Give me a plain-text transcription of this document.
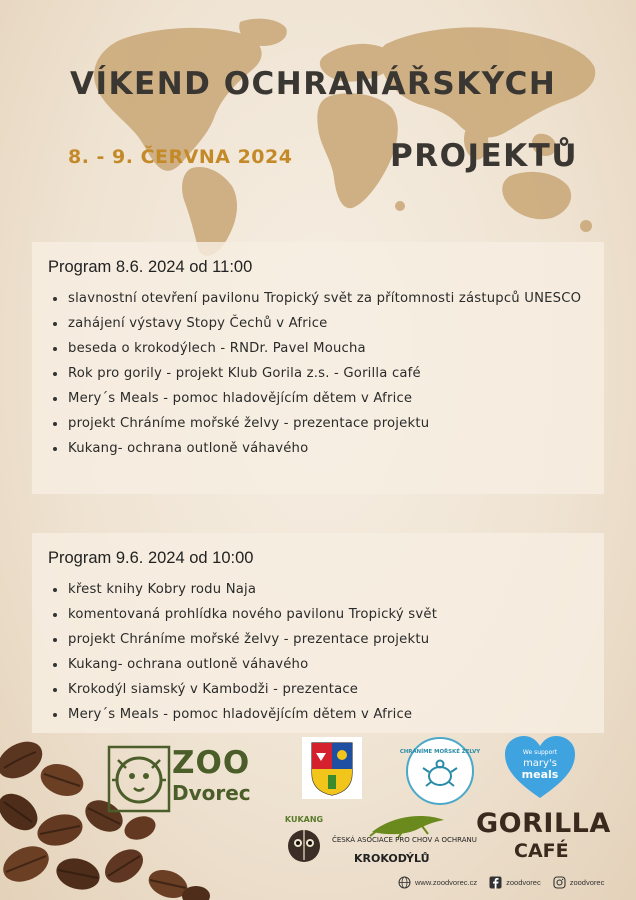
VÍKEND OCHRANÁŘSKÝCH
8. - 9. ČERVNA 2024	PROJEKTŮ
Program 8.6. 2024 od 11:00
slavnostní otevření pavilonu Tropický svět za přítomnosti zástupců UNESCO
zahájení výstavy Stopy Čechů v Africe
beseda o krokodýlech - RNDr. Pavel Moucha
Rok pro gorily - projekt Klub Gorila z.s. - Gorilla café
Mery´s Meals - pomoc hladovějícím dětem v Africe
projekt Chráníme mořské želvy - prezentace projektu
Kukang- ochrana outloně váhavého
Program 9.6. 2024 od 10:00
křest knihy Kobry rodu Naja
komentovaná prohlídka nového pavilonu Tropický svět
projekt Chráníme mořské želvy - prezentace projektu
Kukang- ochrana outloně váhavého
Krokodýl siamský v Kambodži - prezentace
Mery´s Meals - pomoc hladovějícím dětem v Africe
ZOO
Dvorec
CHRÁNÍME MOŘSKÉ ŽELVY	We support
mary's
meals
KUKANG
ČESKÁ ASOCIACE PRO CHOV A OCHRANU
KROKODÝLŮ
GORILLA
CAFÉ
www.zoodvorec.cz	zoodvorec	zoodvorec
